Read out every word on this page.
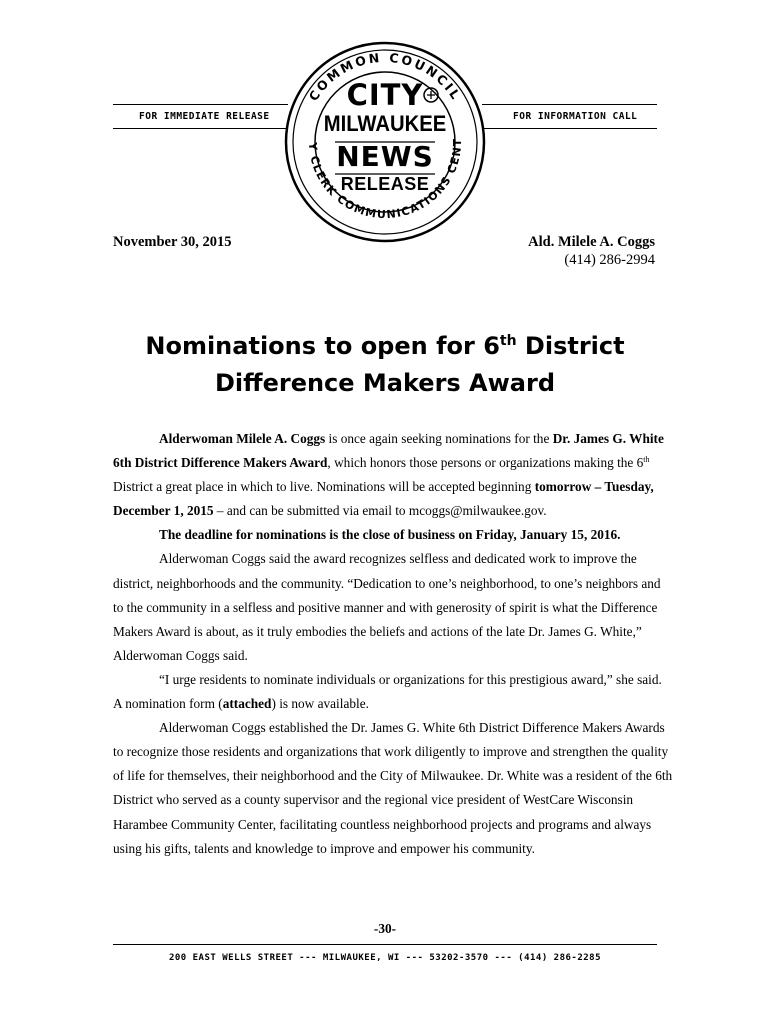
FOR IMMEDIATE RELEASE	FOR INFORMATION CALL
COMMON COUNCIL
Y CLERK COMMUNICATIONS CENT
CITY
MILWAUKEE
NEWS
RELEASE
November 30, 2015	Ald. Milele A. Coggs
(414) 286-2994
Nominations to open for 6th District
Difference Makers Award

Alderwoman Milele A. Coggs is once again seeking nominations for the Dr. James G. White 6th District Difference Makers Award, which honors those persons or organizations making the 6th District a great place in which to live. Nominations will be accepted beginning tomorrow – Tuesday, December 1, 2015 – and can be submitted via email to mcoggs@milwaukee.gov.

The deadline for nominations is the close of business on Friday, January 15, 2016.

Alderwoman Coggs said the award recognizes selfless and dedicated work to improve the district, neighborhoods and the community. “Dedication to one’s neighborhood, to one’s neighbors and to the community in a selfless and positive manner and with generosity of spirit is what the Difference Makers Award is about, as it truly embodies the beliefs and actions of the late Dr. James G. White,” Alderwoman Coggs said.

“I urge residents to nominate individuals or organizations for this prestigious award,” she said. A nomination form (attached) is now available.

Alderwoman Coggs established the Dr. James G. White 6th District Difference Makers Awards to recognize those residents and organizations that work diligently to improve and strengthen the quality of life for themselves, their neighborhood and the City of Milwaukee. Dr. White was a resident of the 6th District who served as a county supervisor and the regional vice president of WestCare Wisconsin Harambee Community Center, facilitating countless neighborhood projects and programs and always using his gifts, talents and knowledge to improve and empower his community.

-30-
200 EAST WELLS STREET --- MILWAUKEE, WI --- 53202-3570 --- (414) 286-2285
